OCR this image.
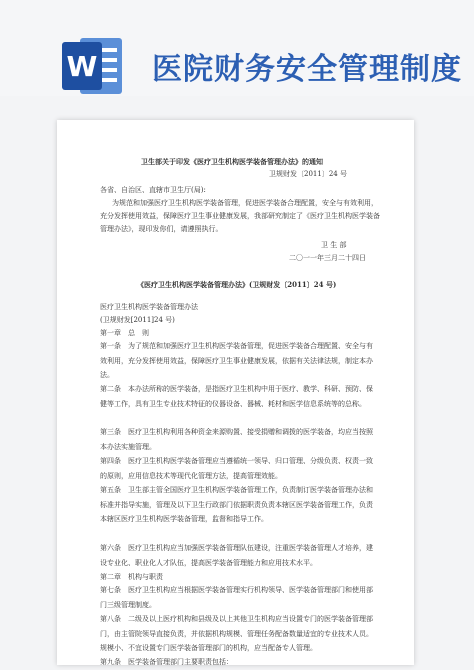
W 医院财务安全管理制度
卫生部关于印发《医疗卫生机构医学装备管理办法》的通知
卫规财发〔2011〕24 号
各省、自治区、直辖市卫生厅(局):
为规范和加强医疗卫生机构医学装备管理，促进医学装备合理配置，安全与有效利用，
充分发挥使用效益，保障医疗卫生事业健康发展，我部研究制定了《医疗卫生机构医学装备
管理办法》，现印发你们，请遵照执行。
卫 生 部
二〇一一年三月二十四日
《医疗卫生机构医学装备管理办法》(卫规财发〔2011〕24 号)
医疗卫生机构医学装备管理办法
(卫规财发[2011]24 号)
第一章　总　则
第一条　为了规范和加强医疗卫生机构医学装备管理，促进医学装备合理配置、安全与有效利用，充分发挥使用效益，保障医疗卫生事业健康发展，依据有关法律法规，制定本办法。
第二条　本办法所称的医学装备，是指医疗卫生机构中用于医疗、教学、科研、预防、保健等工作，具有卫生专业技术特征的仪器设备、器械、耗材和医学信息系统等的总称。
第三条　医疗卫生机构利用各种资金来源购置、接受捐赠和调拨的医学装备，均应当按照本办法实施管理。
第四条　医疗卫生机构医学装备管理应当遵循统一领导、归口管理、分级负责、权责一致的原则，应用信息技术等现代化管理方法，提高管理效能。
第五条　卫生部主管全国医疗卫生机构医学装备管理工作，负责制订医学装备管理办法和标准并指导实施，管理及以下卫生行政部门依据职责负责本辖区医学装备管理工作，负责本辖区医疗卫生机构医学装备管理，监督和指导工作。
第六条　医疗卫生机构应当加强医学装备管理队伍建设，注重医学装备管理人才培养，建设专业化、职业化人才队伍，提高医学装备管理能力和应用技术水平。
第二章　机构与职责
第七条　医疗卫生机构应当根据医学装备管理实行机构领导、医学装备管理部门和使用部门三级管理制度。
第八条　二级及以上医疗机构和县级及以上其他卫生机构应当设置专门的医学装备管理部门，由主管院领导直接负责，并依据机构规模、管理任务配备数量适宜的专业技术人员。规模小、不宜设置专门医学装备管理部门的机构，应当配备专人管理。
第九条　医学装备管理部门主要职责包括：
